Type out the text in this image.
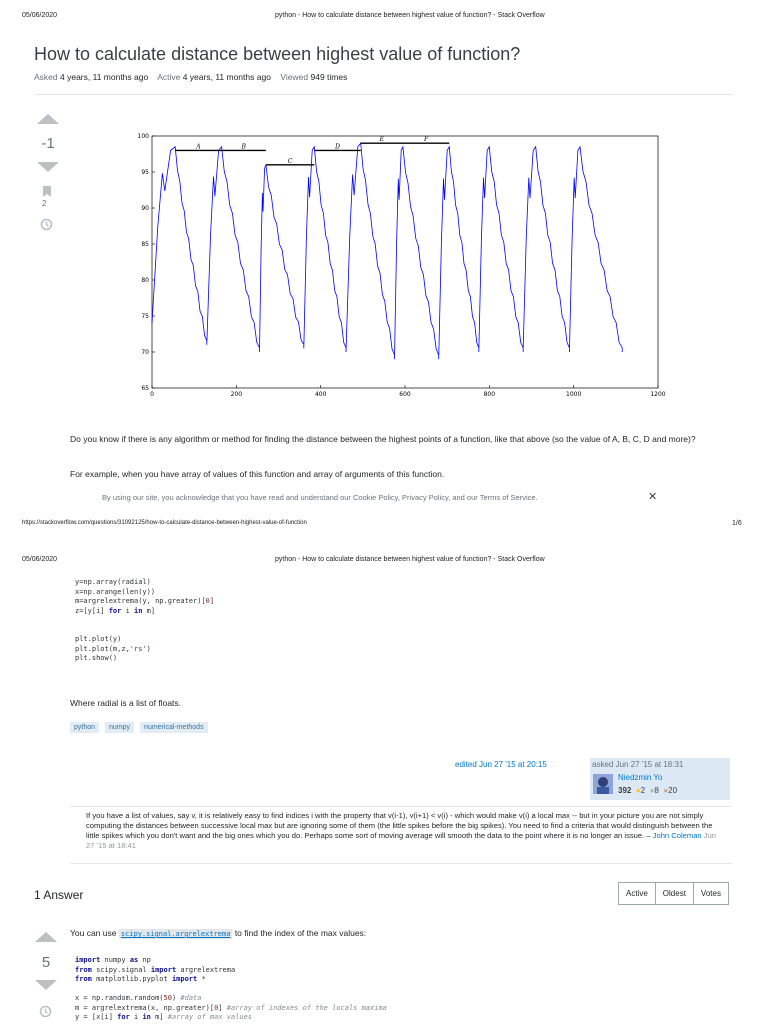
05/06/2020	python - How to calculate distance between highest value of function? - Stack Overflow
How to calculate distance between highest value of function?
Asked 4 years, 11 months ago Active 4 years, 11 months ago Viewed 949 times
-1
2
0	200	400	600	800	1000	1200
65
70
75
80
85
90
95
100
A	B
C
D
E	F
Do you know if there is any algorithm or method for finding the distance between the highest points of a function, like that above (so the value of A, B, C, D and more)?
For example, when you have array of values of this function and array of arguments of this function.
By using our site, you acknowledge that you have read and understand our Cookie Policy, Privacy Policy, and our Terms of Service.	✕
https://stackoverflow.com/questions/31092125/how-to-calculate-distance-between-highest-value-of-function	1/6
05/06/2020	python - How to calculate distance between highest value of function? - Stack Overflow
y=np.array(radial)
x=np.arange(len(y))
m=argrelextrema(y, np.greater)[0]
z=[y[i] for i in m]

plt.plot(y)
plt.plot(m,z,'rs')
plt.show()
Where radial is a list of floats.
python	numpy	numerical-methods
edited Jun 27 '15 at 20:15	asked Jun 27 '15 at 18:31
Niedzmin Yo
392 ●2 ●8 ●20
If you have a list of values, say v, it is relatively easy to find indices i with the property that v(i-1), v(i+1) < v(i) - which would make v(i) a local max -- but in your picture you are not simply computing the distances between successive local max but are ignoring some of them (the little spikes before the big spikes). You need to find a criteria that would distinguish between the little spikes which you don't want and the big ones which you do. Perhaps some sort of moving average will smooth the data to the point where it is no longer an issue. – John Coleman Jun 27 '15 at 18:41
1 Answer	Active	Oldest	Votes
5
You can use scipy.signal.argrelextrema to find the index of the max values:
import numpy as np
from scipy.signal import argrelextrema
from matplotlib.pyplot import *

x = np.random.random(50) #data
m = argrelextrema(x, np.greater)[0] #array of indexes of the locals maxima
y = [x[i] for i in m] #array of max values
